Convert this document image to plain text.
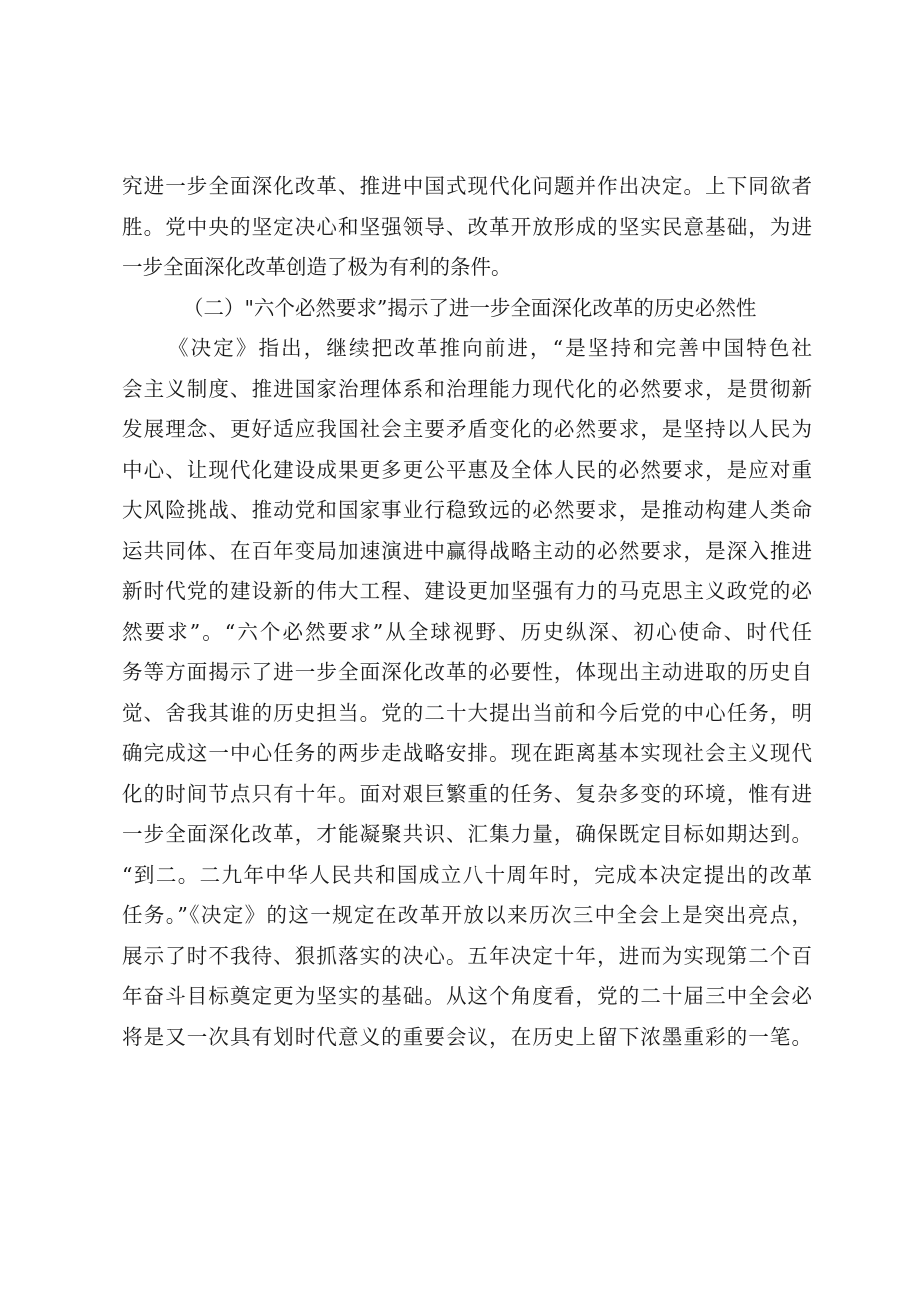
究进一步全面深化改革、推进中国式现代化问题并作出决定。上下同欲者
胜。党中央的坚定决心和坚强领导、改革开放形成的坚实民意基础，为进
一步全面深化改革创造了极为有利的条件。
（二）"六个必然要求”揭示了进一步全面深化改革的历史必然性
《决定》指出，继续把改革推向前进，“是坚持和完善中国特色社
会主义制度、推进国家治理体系和治理能力现代化的必然要求，是贯彻新
发展理念、更好适应我国社会主要矛盾变化的必然要求，是坚持以人民为
中心、让现代化建设成果更多更公平惠及全体人民的必然要求，是应对重
大风险挑战、推动党和国家事业行稳致远的必然要求，是推动构建人类命
运共同体、在百年变局加速演进中赢得战略主动的必然要求，是深入推进
新时代党的建设新的伟大工程、建设更加坚强有力的马克思主义政党的必
然要求”。“六个必然要求”从全球视野、历史纵深、初心使命、时代任
务等方面揭示了进一步全面深化改革的必要性，体现出主动进取的历史自
觉、舍我其谁的历史担当。党的二十大提出当前和今后党的中心任务，明
确完成这一中心任务的两步走战略安排。现在距离基本实现社会主义现代
化的时间节点只有十年。面对艰巨繁重的任务、复杂多变的环境，惟有进
一步全面深化改革，才能凝聚共识、汇集力量，确保既定目标如期达到。
“到二。二九年中华人民共和国成立八十周年时，完成本决定提出的改革
任务。”《决定》的这一规定在改革开放以来历次三中全会上是突出亮点，
展示了时不我待、狠抓落实的决心。五年决定十年，进而为实现第二个百
年奋斗目标奠定更为坚实的基础。从这个角度看，党的二十届三中全会必
将是又一次具有划时代意义的重要会议，在历史上留下浓墨重彩的一笔。
